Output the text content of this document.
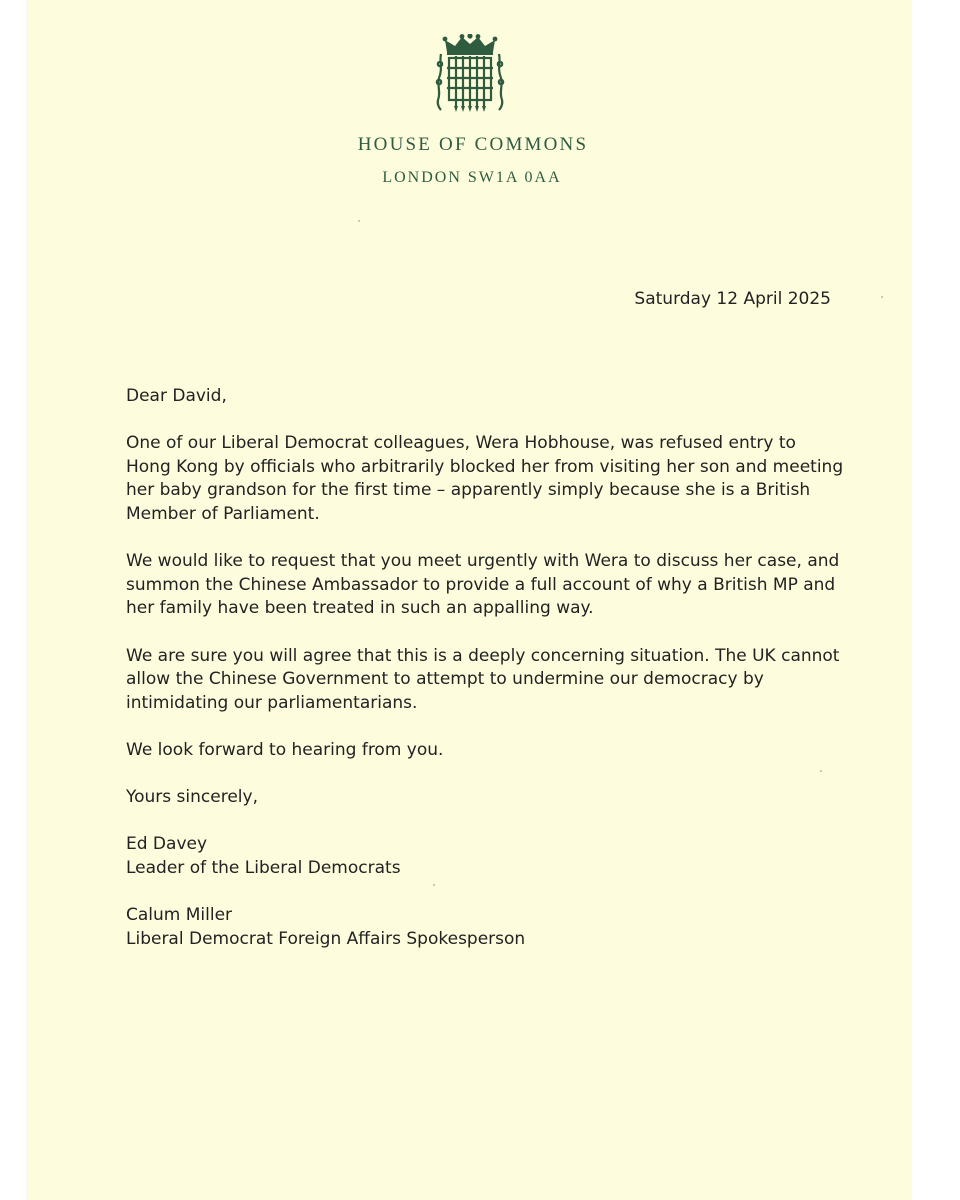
HOUSE OF COMMONS
LONDON SW1A 0AA
Saturday 12 April 2025

Dear David,

One of our Liberal Democrat colleagues, Wera Hobhouse, was refused entry to Hong Kong by officials who arbitrarily blocked her from visiting her son and meeting her baby grandson for the first time – apparently simply because she is a British Member of Parliament.

We would like to request that you meet urgently with Wera to discuss her case, and summon the Chinese Ambassador to provide a full account of why a British MP and her family have been treated in such an appalling way.

We are sure you will agree that this is a deeply concerning situation. The UK cannot allow the Chinese Government to attempt to undermine our democracy by intimidating our parliamentarians.

We look forward to hearing from you.

Yours sincerely,

Ed Davey
Leader of the Liberal Democrats
Calum Miller
Liberal Democrat Foreign Affairs Spokesperson
